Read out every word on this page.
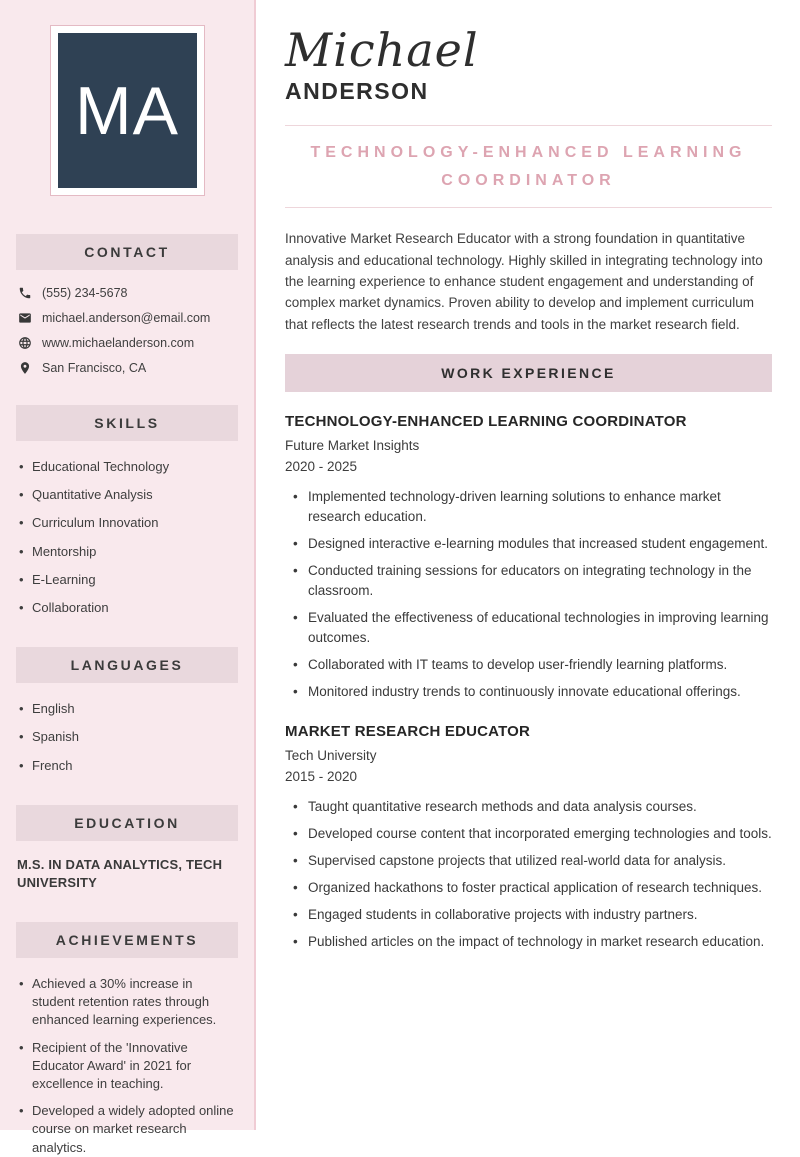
MA
CONTACT
(555) 234-5678
michael.anderson@email.com
www.michaelanderson.com
San Francisco, CA
SKILLS
• Educational Technology
• Quantitative Analysis
• Curriculum Innovation
• Mentorship
• E-Learning
• Collaboration
LANGUAGES
• English
• Spanish
• French
EDUCATION

M.S. IN DATA ANALYTICS, TECH UNIVERSITY

ACHIEVEMENTS
• Achieved a 30% increase in student retention rates through enhanced learning experiences.
• Recipient of the 'Innovative Educator Award' in 2021 for excellence in teaching.
• Developed a widely adopted online course on market research analytics.
Michael
ANDERSON
TECHNOLOGY-ENHANCED LEARNING COORDINATOR

Innovative Market Research Educator with a strong foundation in quantitative analysis and educational technology. Highly skilled in integrating technology into the learning experience to enhance student engagement and understanding of complex market dynamics. Proven ability to develop and implement curriculum that reflects the latest research trends and tools in the market research field.

WORK EXPERIENCE
TECHNOLOGY-ENHANCED LEARNING COORDINATOR
Future Market Insights
2020 - 2025
• Implemented technology-driven learning solutions to enhance market research education.
• Designed interactive e-learning modules that increased student engagement.
• Conducted training sessions for educators on integrating technology in the classroom.
• Evaluated the effectiveness of educational technologies in improving learning outcomes.
• Collaborated with IT teams to develop user-friendly learning platforms.
• Monitored industry trends to continuously innovate educational offerings.
MARKET RESEARCH EDUCATOR
Tech University
2015 - 2020
• Taught quantitative research methods and data analysis courses.
• Developed course content that incorporated emerging technologies and tools.
• Supervised capstone projects that utilized real-world data for analysis.
• Organized hackathons to foster practical application of research techniques.
• Engaged students in collaborative projects with industry partners.
• Published articles on the impact of technology in market research education.
